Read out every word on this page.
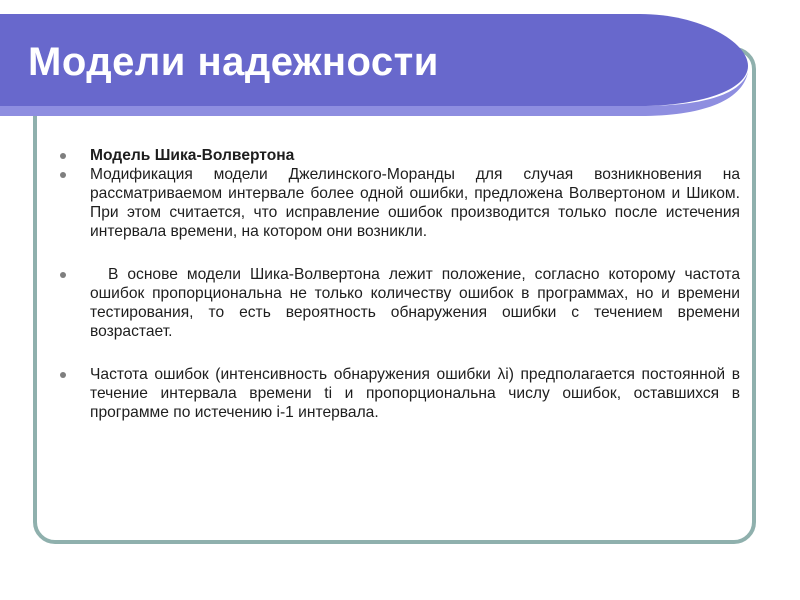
Модели надежности
Модель Шика-Волвертона
Модификация модели Джелинского-Моранды для случая возникновения на рассматриваемом интервале более одной ошибки, предложена Волвертоном и Шиком. При этом считается, что исправление ошибок производится только после истечения интервала времени, на котором они возникли.
В основе модели Шика-Волвертона лежит положение, согласно которому частота ошибок пропорциональна не только количеству ошибок в программах, но и времени тестирования, то есть вероятность обнаружения ошибки с течением времени возрастает.
Частота ошибок (интенсивность обнаружения ошибки λi) предполагается постоянной в течение интервала времени ti и пропорциональна числу ошибок, оставшихся в программе по истечению i-1 интервала.
